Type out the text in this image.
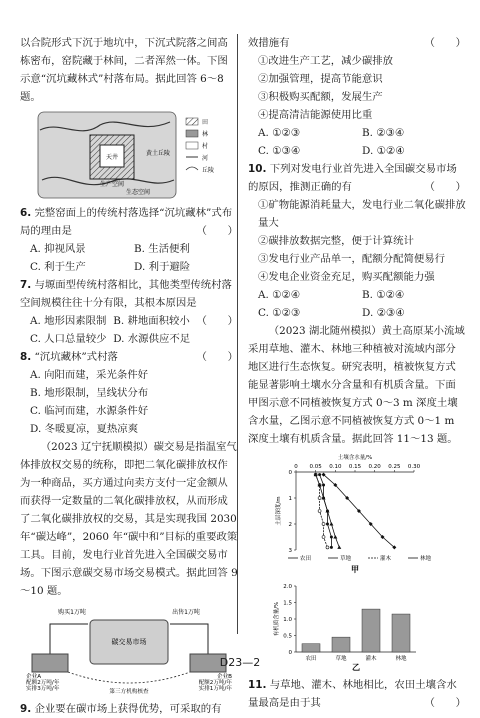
以合院形式下沉于地坑中，下沉式院落之间高栋密布，窑院藏于林间，二者浑然一体。下图示意“沉坑藏林式”村落布局。据此回答 6～8 题。

天井
生产空间
生态空间
黄土丘陵
田
林
村
河
丘陵
6. 完整窑面上的传统村落选择“沉坑藏林”式布局的理由是	（　　）
A. 抑视风景	B. 生活便利
C. 利于生产	D. 利于避险
7. 与塬面型传统村落相比，其他类型传统村落空间规模往往十分有限，其根本原因是
（　　）
A. 地形因素限制 B. 耕地面积较小
C. 人口总量较少 D. 水源供应不足
8. “沉坑藏林”式村落	（　　）
A. 向阳而建，采光条件好
B. 地形限制，呈线状分布
C. 临河而建，水源条件好
D. 冬暖夏凉，夏热凉爽

（2023 辽宁抚顺模拟）碳交易是指温室气体排放权交易的统称，即把二氧化碳排放权作为一种商品，买方通过向卖方支付一定金额从而获得一定数量的二氧化碳排放权，从而形成了二氧化碳排放权的交易，其是实现我国 2030 年“碳达峰”，2060 年“碳中和”目标的重要政策工具。目前，发电行业首先进入全国碳交易市场。下图示意碳交易市场交易模式。据此回答 9～10 题。

碳交易市场
购买1万吨	出售1万吨
企业A
配额2万吨/年
实排3万吨/年
企业B
配额2万吨/年
实排1万吨/年
第三方机构核查
9. 企业要在碳市场上获得优势，可采取的有
效措施有	（　　）
①改进生产工艺，减少碳排放
②加强管理，提高节能意识
③积极购买配额，发展生产
④提高清洁能源使用比重
A. ①②③	B. ②③④
C. ①③④	D. ①②④
10. 下列对发电行业首先进入全国碳交易市场的原因，推测正确的有	（　　）
①矿物能源消耗量大，发电行业二氧化碳排放量大
②碳排放数据完整，便于计算统计
③发电行业产品单一，配额分配简便易行
④发电企业资金充足，购买配额能力强
A. ①②④	B. ①②④
C. ①②③	D. ②③④

（2023 湖北随州模拟）黄土高原某小流域采用草地、灌木、林地三种植被对流域内部分地区进行生态恢复。研究表明，植被恢复方式能显著影响土壤水分含量和有机质含量。下面甲图示意不同植被恢复方式 0～3 m 深度土壤含水量，乙图示意不同植被恢复方式 0～1 m 深度土壤有机质含量。据此回答 11～13 题。

土壤含水量/%
0 0.05 0.10 0.15 0.20 0.25 0.30
0
1
2
3
土层深度/m
农田	草地	灌木	林地
甲
0
0.5
1.0
1.5
2.0
有机质含量/%
农田	草地	灌木	林地
乙
11. 与草地、灌木、林地相比，农田土壤含水量最高是由于其	（　　）
D23—2
